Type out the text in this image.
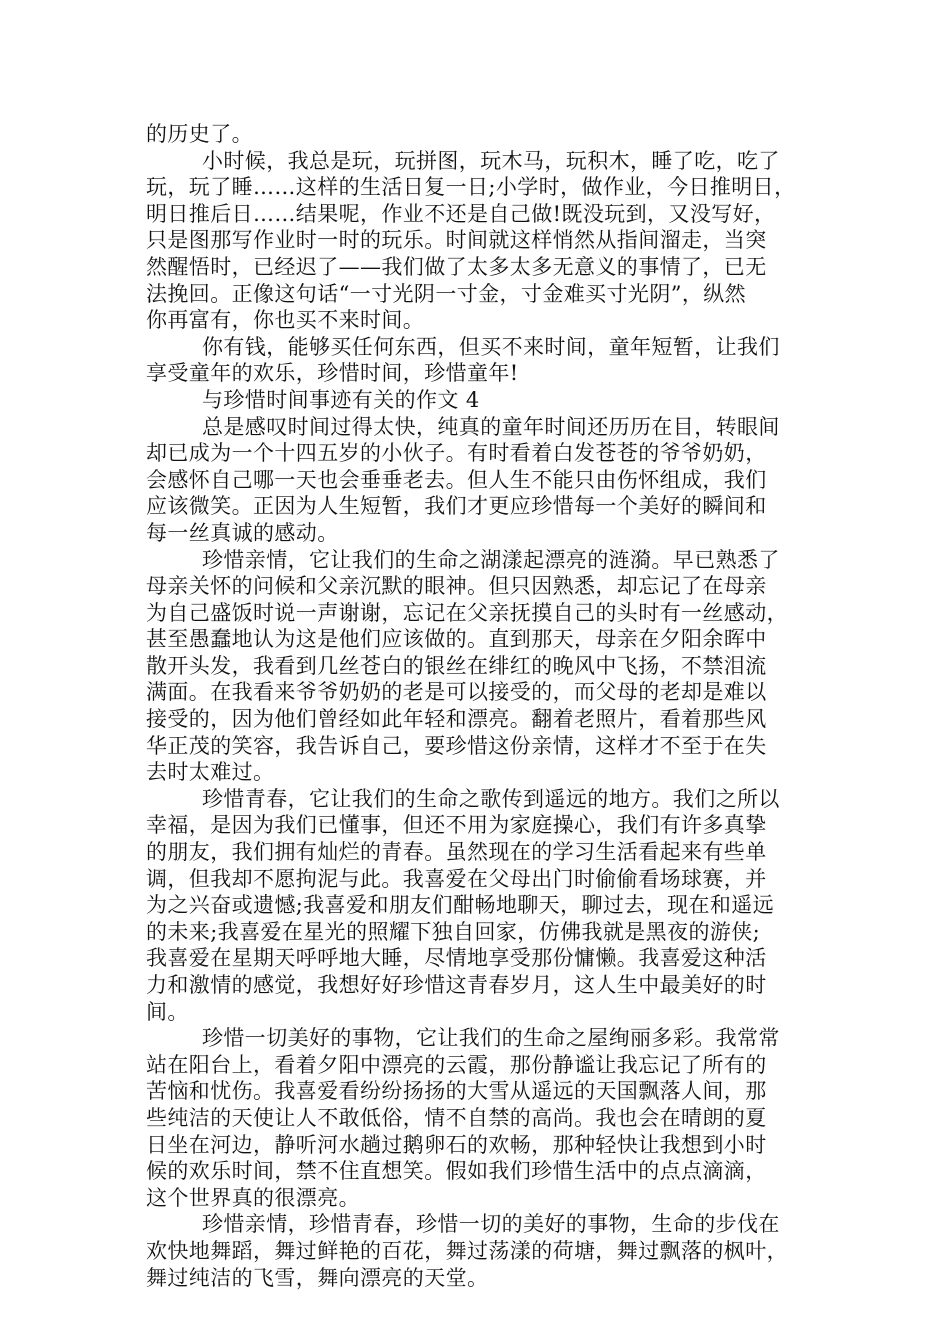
的历史了。
小时候，我总是玩，玩拼图，玩木马，玩积木，睡了吃，吃了
玩，玩了睡……这样的生活日复一日;小学时，做作业，今日推明日，
明日推后日……结果呢，作业不还是自己做!既没玩到，又没写好，
只是图那写作业时一时的玩乐。时间就这样悄然从指间溜走，当突
然醒悟时，已经迟了——我们做了太多太多无意义的事情了，已无
法挽回。正像这句话“一寸光阴一寸金，寸金难买寸光阴”，纵然
你再富有，你也买不来时间。
你有钱，能够买任何东西，但买不来时间，童年短暂，让我们
享受童年的欢乐，珍惜时间，珍惜童年!
与珍惜时间事迹有关的作文 4
总是感叹时间过得太快，纯真的童年时间还历历在目，转眼间
却已成为一个十四五岁的小伙子。有时看着白发苍苍的爷爷奶奶，
会感怀自己哪一天也会垂垂老去。但人生不能只由伤怀组成，我们
应该微笑。正因为人生短暂，我们才更应珍惜每一个美好的瞬间和
每一丝真诚的感动。
珍惜亲情，它让我们的生命之湖漾起漂亮的涟漪。早已熟悉了
母亲关怀的问候和父亲沉默的眼神。但只因熟悉，却忘记了在母亲
为自己盛饭时说一声谢谢，忘记在父亲抚摸自己的头时有一丝感动，
甚至愚蠢地认为这是他们应该做的。直到那天，母亲在夕阳余晖中
散开头发，我看到几丝苍白的银丝在绯红的晚风中飞扬，不禁泪流
满面。在我看来爷爷奶奶的老是可以接受的，而父母的老却是难以
接受的，因为他们曾经如此年轻和漂亮。翻着老照片，看着那些风
华正茂的笑容，我告诉自己，要珍惜这份亲情，这样才不至于在失
去时太难过。
珍惜青春，它让我们的生命之歌传到遥远的地方。我们之所以
幸福，是因为我们已懂事，但还不用为家庭操心，我们有许多真挚
的朋友，我们拥有灿烂的青春。虽然现在的学习生活看起来有些单
调，但我却不愿拘泥与此。我喜爱在父母出门时偷偷看场球赛，并
为之兴奋或遗憾;我喜爱和朋友们酣畅地聊天，聊过去，现在和遥远
的未来;我喜爱在星光的照耀下独自回家，仿佛我就是黑夜的游侠;
我喜爱在星期天呼呼地大睡，尽情地享受那份慵懒。我喜爱这种活
力和激情的感觉，我想好好珍惜这青春岁月，这人生中最美好的时
间。
珍惜一切美好的事物，它让我们的生命之屋绚丽多彩。我常常
站在阳台上，看着夕阳中漂亮的云霞，那份静谧让我忘记了所有的
苦恼和忧伤。我喜爱看纷纷扬扬的大雪从遥远的天国飘落人间，那
些纯洁的天使让人不敢低俗，情不自禁的高尚。我也会在晴朗的夏
日坐在河边，静听河水趟过鹅卵石的欢畅，那种轻快让我想到小时
候的欢乐时间，禁不住直想笑。假如我们珍惜生活中的点点滴滴，
这个世界真的很漂亮。
珍惜亲情，珍惜青春，珍惜一切的美好的事物，生命的步伐在
欢快地舞蹈，舞过鲜艳的百花，舞过荡漾的荷塘，舞过飘落的枫叶，
舞过纯洁的飞雪，舞向漂亮的天堂。
